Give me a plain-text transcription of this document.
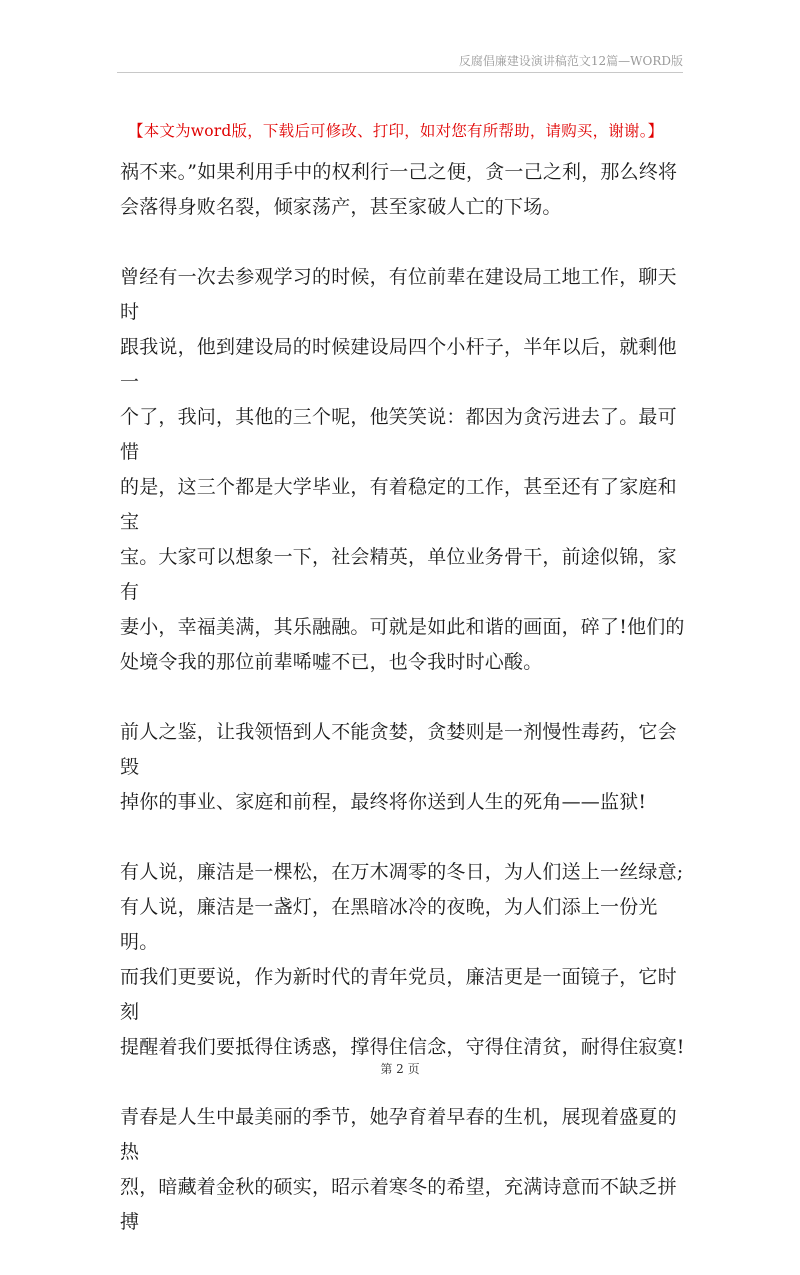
反腐倡廉建设演讲稿范文12篇—WORD版
【本文为word版，下载后可修改、打印，如对您有所帮助，请购买，谢谢。】

祸不来。”如果利用手中的权利行一己之便，贪一己之利，那么终将
会落得身败名裂，倾家荡产，甚至家破人亡的下场。

曾经有一次去参观学习的时候，有位前辈在建设局工地工作，聊天时
跟我说，他到建设局的时候建设局四个小杆子，半年以后，就剩他一
个了，我问，其他的三个呢，他笑笑说：都因为贪污进去了。最可惜
的是，这三个都是大学毕业，有着稳定的工作，甚至还有了家庭和宝
宝。大家可以想象一下，社会精英，单位业务骨干，前途似锦，家有
妻小，幸福美满，其乐融融。可就是如此和谐的画面，碎了!他们的
处境令我的那位前辈唏嘘不已，也令我时时心酸。

前人之鉴，让我领悟到人不能贪婪，贪婪则是一剂慢性毒药，它会毁
掉你的事业、家庭和前程，最终将你送到人生的死角——监狱!

有人说，廉洁是一棵松，在万木凋零的冬日，为人们送上一丝绿意;
有人说，廉洁是一盏灯，在黑暗冰冷的夜晚，为人们添上一份光明。
而我们更要说，作为新时代的青年党员，廉洁更是一面镜子，它时刻
提醒着我们要抵得住诱惑，撑得住信念，守得住清贫，耐得住寂寞!

青春是人生中最美丽的季节，她孕育着早春的生机，展现着盛夏的热
烈，暗藏着金秋的硕实，昭示着寒冬的希望，充满诗意而不缺乏拼搏

第 2 页
